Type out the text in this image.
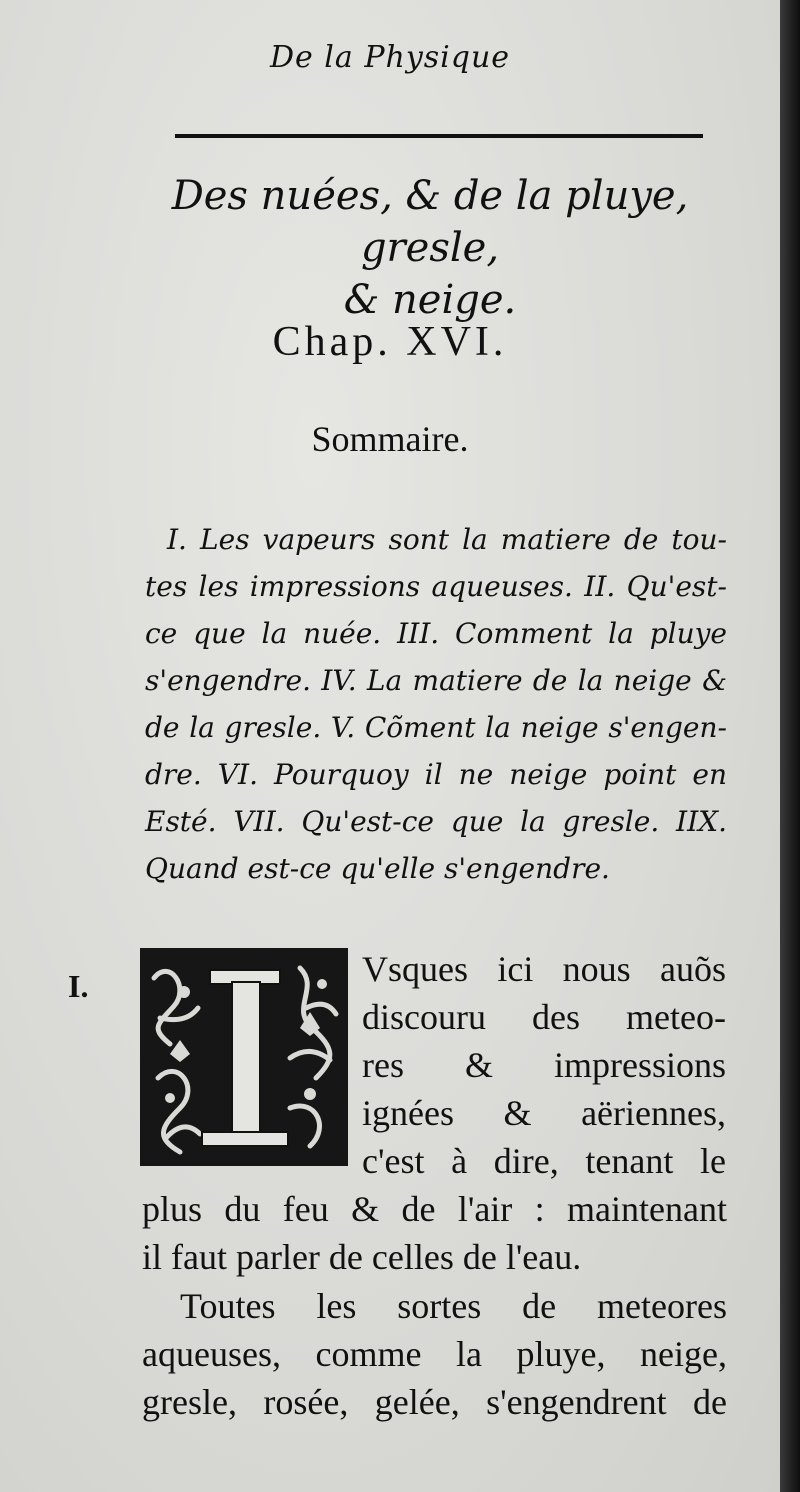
De la Physique
Des nuées, & de la pluye, gresle,
& neige.
Chap. XVI.
Sommaire.
I. Les vapeurs sont la matiere de tou-
tes les impressions aqueuses. II. Qu'est-
ce que la nuée. III. Comment la pluye
s'engendre. IV. La matiere de la neige &
de la gresle. V. Cõment la neige s'engen-
dre. VI. Pourquoy il ne neige point en
Esté. VII. Qu'est-ce que la gresle. IIX.
Quand est-ce qu'elle s'engendre.
I.	Vsques ici nous auõs
discouru des meteo-
res & impressions
ignées & aëriennes,
c'est à dire, tenant le
plus du feu & de l'air : maintenant
il faut parler de celles de l'eau.
Toutes les sortes de meteores
aqueuses, comme la pluye, neige,
gresle, rosée, gelée, s'engendrent de
